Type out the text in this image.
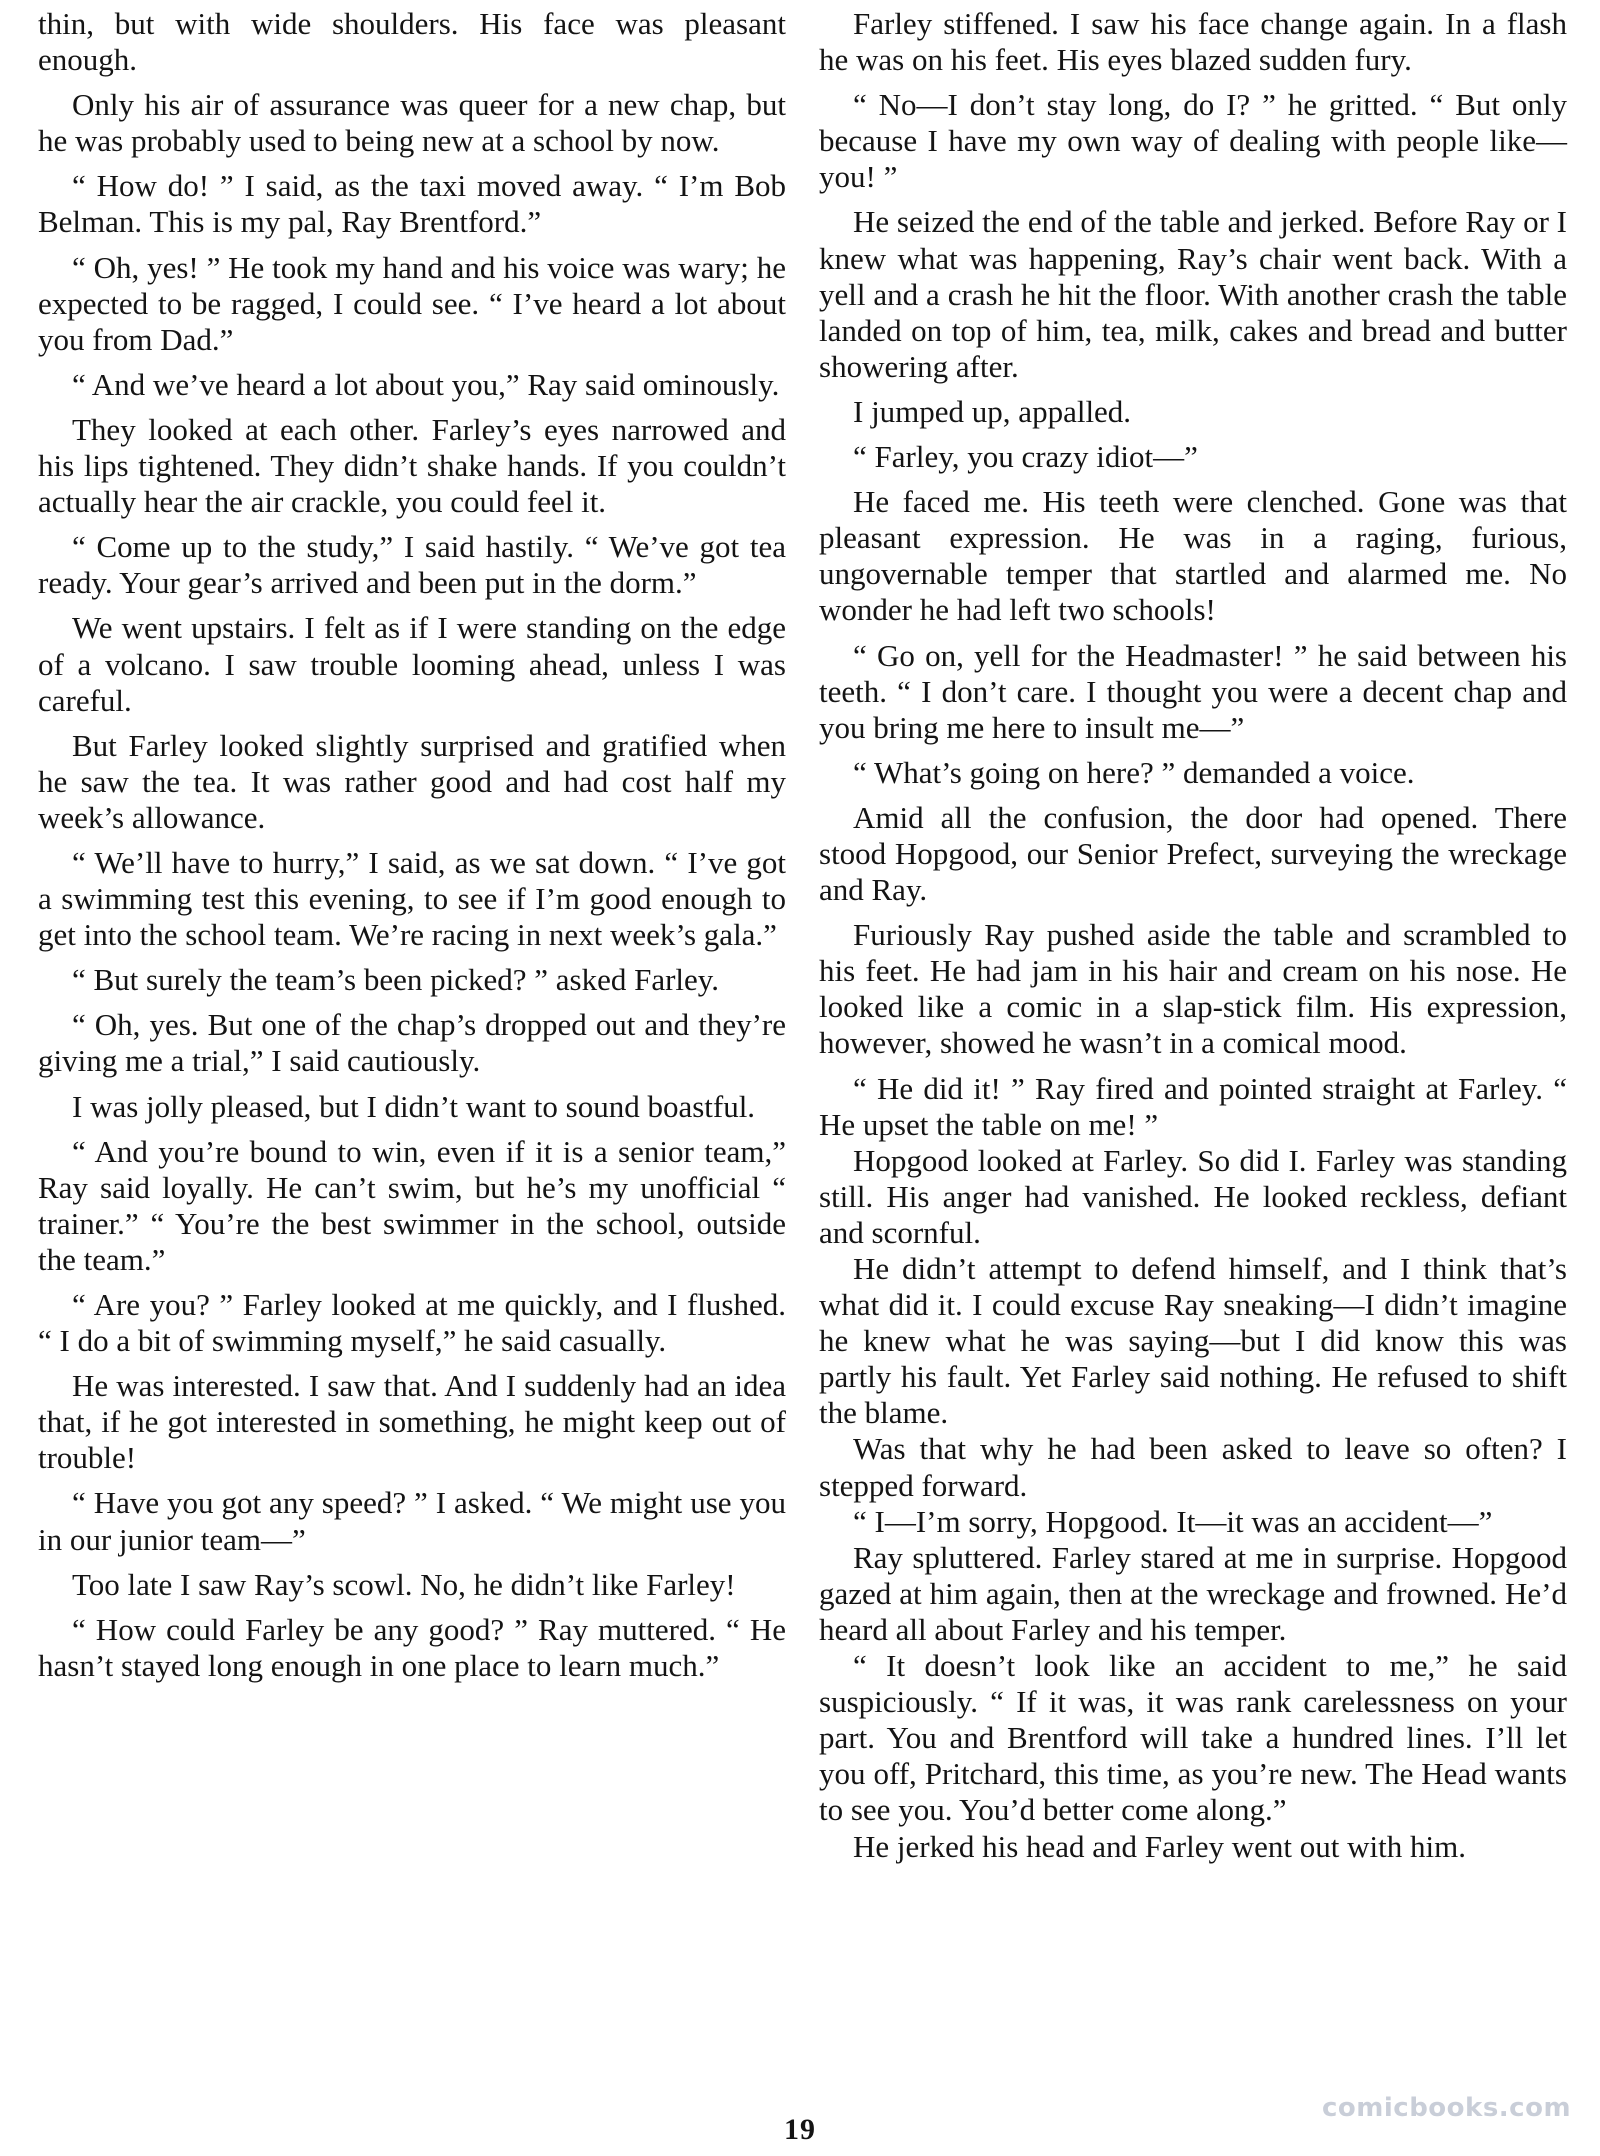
thin, but with wide shoulders. His face was pleasant enough.

Only his air of assurance was queer for a new chap, but he was probably used to being new at a school by now.

“ How do! ” I said, as the taxi moved away. “ I’m Bob Belman. This is my pal, Ray Brentford.”

“ Oh, yes! ” He took my hand and his voice was wary; he expected to be ragged, I could see. “ I’ve heard a lot about you from Dad.”

“ And we’ve heard a lot about you,” Ray said ominously.

They looked at each other. Farley’s eyes narrowed and his lips tightened. They didn’t shake hands. If you couldn’t actually hear the air crackle, you could feel it.

“ Come up to the study,” I said hastily. “ We’ve got tea ready. Your gear’s arrived and been put in the dorm.”

We went upstairs. I felt as if I were standing on the edge of a volcano. I saw trouble looming ahead, unless I was careful.

But Farley looked slightly surprised and gratified when he saw the tea. It was rather good and had cost half my week’s allowance.

“ We’ll have to hurry,” I said, as we sat down. “ I’ve got a swimming test this evening, to see if I’m good enough to get into the school team. We’re racing in next week’s gala.”

“ But surely the team’s been picked? ” asked Farley.

“ Oh, yes. But one of the chap’s dropped out and they’re giving me a trial,” I said cautiously.

I was jolly pleased, but I didn’t want to sound boastful.

“ And you’re bound to win, even if it is a senior team,” Ray said loyally. He can’t swim, but he’s my unofficial “ trainer.” “ You’re the best swimmer in the school, outside the team.”

“ Are you? ” Farley looked at me quickly, and I flushed. “ I do a bit of swimming myself,” he said casually.

He was interested. I saw that. And I suddenly had an idea that, if he got interested in something, he might keep out of trouble!

“ Have you got any speed? ” I asked. “ We might use you in our junior team—”

Too late I saw Ray’s scowl. No, he didn’t like Farley!

“ How could Farley be any good? ” Ray muttered. “ He hasn’t stayed long enough in one place to learn much.”

Farley stiffened. I saw his face change again. In a flash he was on his feet. His eyes blazed sudden fury.

“ No—I don’t stay long, do I? ” he gritted. “ But only because I have my own way of dealing with people like—you! ”

He seized the end of the table and jerked. Before Ray or I knew what was happening, Ray’s chair went back. With a yell and a crash he hit the floor. With another crash the table landed on top of him, tea, milk, cakes and bread and butter showering after.

I jumped up, appalled.

“ Farley, you crazy idiot—”

He faced me. His teeth were clenched. Gone was that pleasant expression. He was in a raging, furious, ungovernable temper that startled and alarmed me. No wonder he had left two schools!

“ Go on, yell for the Headmaster! ” he said between his teeth. “ I don’t care. I thought you were a decent chap and you bring me here to insult me—”

“ What’s going on here? ” demanded a voice.

Amid all the confusion, the door had opened. There stood Hopgood, our Senior Prefect, surveying the wreckage and Ray.

Furiously Ray pushed aside the table and scrambled to his feet. He had jam in his hair and cream on his nose. He looked like a comic in a slap-stick film. His expression, however, showed he wasn’t in a comical mood.

“ He did it! ” Ray fired and pointed straight at Farley. “ He upset the table on me! ”

Hopgood looked at Farley. So did I. Farley was standing still. His anger had vanished. He looked reckless, defiant and scornful.

He didn’t attempt to defend himself, and I think that’s what did it. I could excuse Ray sneaking—I didn’t imagine he knew what he was saying—but I did know this was partly his fault. Yet Farley said nothing. He refused to shift the blame.

Was that why he had been asked to leave so often? I stepped forward.

“ I—I’m sorry, Hopgood. It—it was an accident—”

Ray spluttered. Farley stared at me in surprise. Hopgood gazed at him again, then at the wreckage and frowned. He’d heard all about Farley and his temper.

“ It doesn’t look like an accident to me,” he said suspiciously. “ If it was, it was rank carelessness on your part. You and Brentford will take a hundred lines. I’ll let you off, Pritchard, this time, as you’re new. The Head wants to see you. You’d better come along.”

He jerked his head and Farley went out with him.

comicbooks.com
19
